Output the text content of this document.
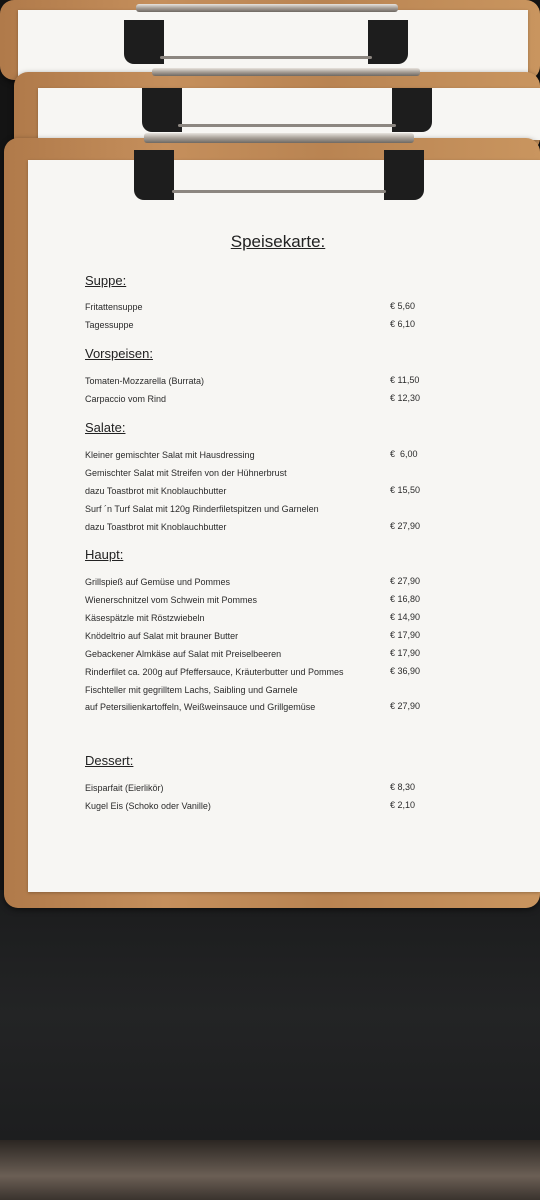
Speisekarte:
Suppe:
Fritattensuppe	€ 5,60
Tagessuppe	€ 6,10
Vorspeisen:
Tomaten-Mozzarella (Burrata)	€ 11,50
Carpaccio vom Rind	€ 12,30
Salate:
Kleiner gemischter Salat mit Hausdressing	€  6,00
Gemischter Salat mit Streifen von der Hühnerbrust
dazu Toastbrot mit Knoblauchbutter	€ 15,50
Surf ´n Turf Salat mit 120g Rinderfiletspitzen und Garnelen
dazu Toastbrot mit Knoblauchbutter	€ 27,90
Haupt:
Grillspieß auf Gemüse und Pommes	€ 27,90
Wienerschnitzel vom Schwein mit Pommes	€ 16,80
Käsespätzle mit Röstzwiebeln	€ 14,90
Knödeltrio auf Salat mit brauner Butter	€ 17,90
Gebackener Almkäse auf Salat mit Preiselbeeren	€ 17,90
Rinderfilet ca. 200g auf Pfeffersauce, Kräuterbutter und Pommes	€ 36,90
Fischteller mit gegrilltem Lachs, Saibling und Garnele
auf Petersilienkartoffeln, Weißweinsauce und Grillgemüse	€ 27,90
Dessert:
Eisparfait (Eierlikör)	€ 8,30
Kugel Eis (Schoko oder Vanille)	€ 2,10
